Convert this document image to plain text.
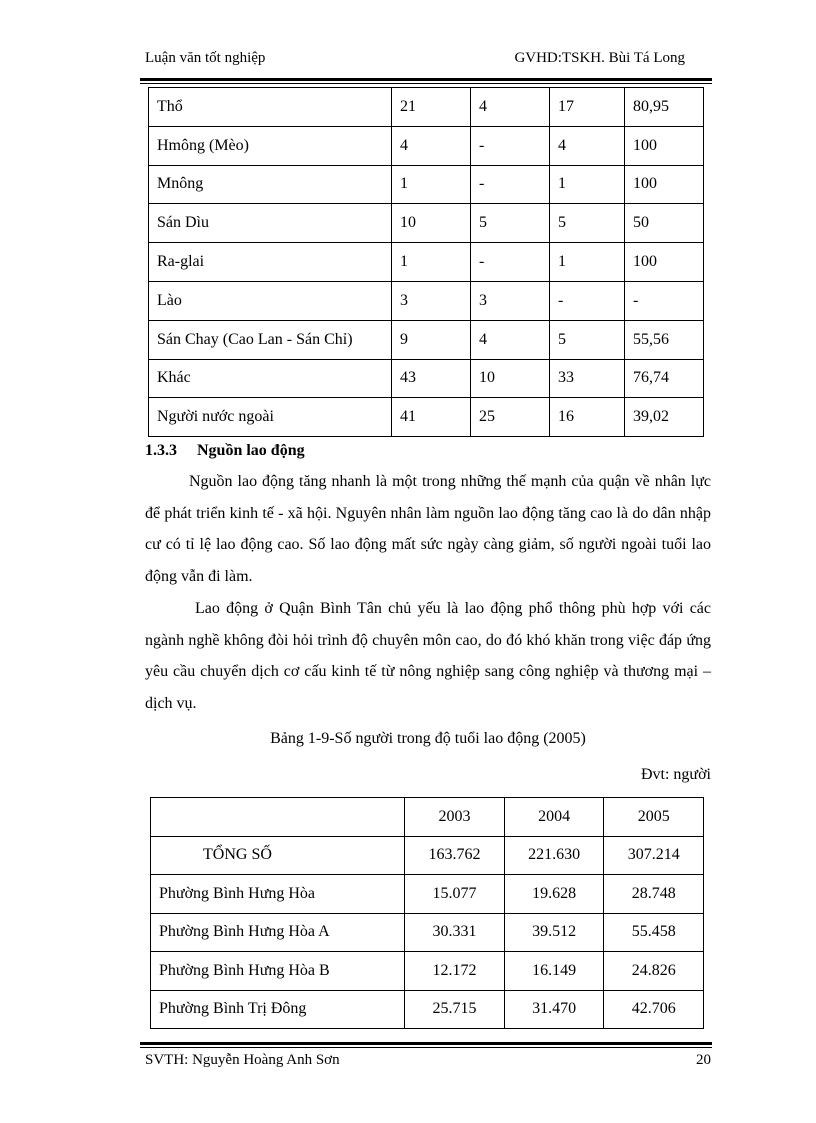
Luận văn tốt nghiệp	GVHD:TSKH. Bùi Tá Long
Thổ	21	4	17	80,95
Hmông (Mèo)	4	-	4	100
Mnông	1	-	1	100
Sán Dìu	10	5	5	50
Ra-glai	1	-	1	100
Lào	3	3	-	-
Sán Chay (Cao Lan - Sán Chỉ)	9	4	5	55,56
Khác	43	10	33	76,74
Người nước ngoài	41	25	16	39,02
1.3.3 Nguồn lao động

Nguồn lao động tăng nhanh là một trong những thế mạnh của quận về nhân lực để phát triển kinh tế - xã hội. Nguyên nhân làm nguồn lao động tăng cao là do dân nhập cư có tỉ lệ lao động cao. Số lao động mất sức ngày càng giảm, số người ngoài tuổi lao động vẫn đi làm.

Lao động ở Quận Bình Tân chủ yếu là lao động phổ thông phù hợp với các ngành nghề không đòi hỏi trình độ chuyên môn cao, do đó khó khăn trong việc đáp ứng yêu cầu chuyển dịch cơ cấu kinh tế từ nông nghiệp sang công nghiệp và thương mại – dịch vụ.

Bảng 1-9-Số người trong độ tuổi lao động (2005)
Đvt: người
	2003	2004	2005
TỔNG SỐ	163.762	221.630	307.214
Phường Bình Hưng Hòa	15.077	19.628	28.748
Phường Bình Hưng Hòa A	30.331	39.512	55.458
Phường Bình Hưng Hòa B	12.172	16.149	24.826
Phường Bình Trị Đông	25.715	31.470	42.706
SVTH: Nguyễn Hoàng Anh Sơn	20
